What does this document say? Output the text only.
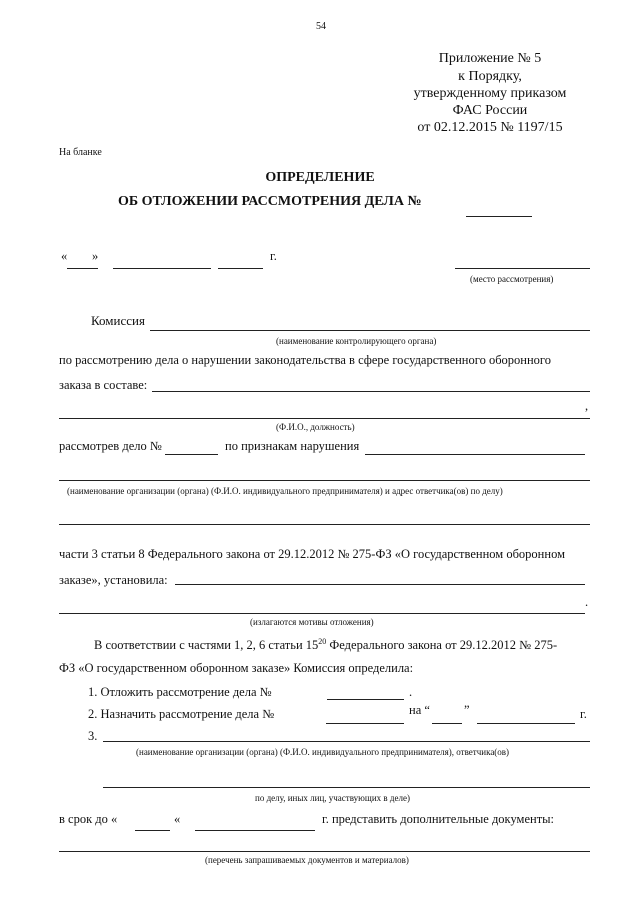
54
Приложение № 5
к Порядку,
утвержденному приказом
ФАС России
от 02.12.2015 № 1197/15
На бланке
ОПРЕДЕЛЕНИЕ
ОБ ОТЛОЖЕНИИ РАССМОТРЕНИЯ ДЕЛА №
« »	г.
(место рассмотрения)
Комиссия
(наименование контролирующего органа)
по рассмотрению дела о нарушении законодательства в сфере государственного оборонного
заказа в составе:
,
(Ф.И.О., должность)
рассмотрев дело №	по признакам нарушения
(наименование организации (органа) (Ф.И.О. индивидуального предпринимателя) и адрес ответчика(ов) по делу)
части 3 статьи 8 Федерального закона от 29.12.2012 № 275-ФЗ «О государственном оборонном
заказе», установила:
.
(излагаются мотивы отложения)
В соответствии с частями 1, 2, 6 статьи $15^{20}$ Федерального закона от 29.12.2012 № 275-
ФЗ «О государственном оборонном заказе» Комиссия определила:
1. Отложить рассмотрение дела №	.
2. Назначить рассмотрение дела №	на “	”	г.
3.
(наименование организации (органа) (Ф.И.О. индивидуального предпринимателя), ответчика(ов)
по делу, иных лиц, участвующих в деле)
в срок до «	«	г. представить дополнительные документы:
(перечень запрашиваемых документов и материалов)
